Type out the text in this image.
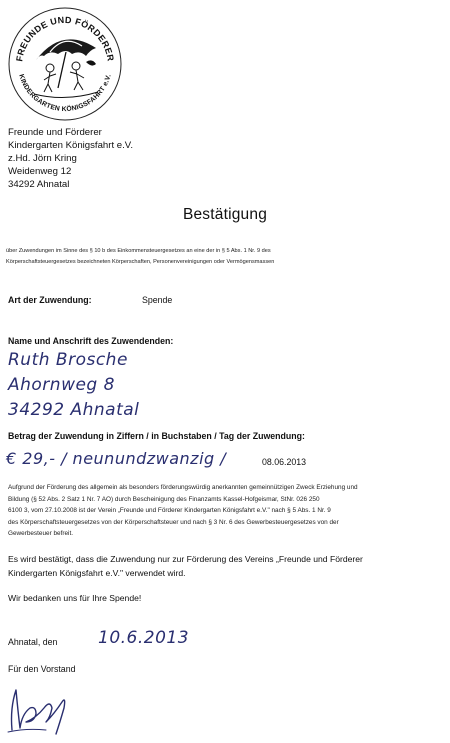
FREUNDE UND FÖRDERER
KINDERGARTEN KÖNIGSFAHRT e.V.
Freunde und Förderer
Kindergarten Königsfahrt e.V.
z.Hd. Jörn Kring
Weidenweg 12
34292 Ahnatal
Bestätigung
über Zuwendungen im Sinne des § 10 b des Einkommensteuergesetzes an eine der in § 5 Abs. 1 Nr. 9 des
Körperschaftsteuergesetzes bezeichneten Körperschaften, Personenvereinigungen oder Vermögensmassen
Art der Zuwendung:	Spende
Name und Anschrift des Zuwendenden:
Ruth Brosche
Ahornweg 8
34292 Ahnatal
Betrag der Zuwendung in Ziffern / in Buchstaben / Tag der Zuwendung:
€ 29,- / neunundzwanzig /	08.06.2013
Aufgrund der Förderung des allgemein als besonders förderungswürdig anerkannten gemeinnützigen Zweck Erziehung und
Bildung (§ 52 Abs. 2 Satz 1 Nr. 7 AO) durch Bescheinigung des Finanzamts Kassel-Hofgeismar, StNr. 026 250
6100 3, vom 27.10.2008 ist der Verein „Freunde und Förderer Kindergarten Königsfahrt e.V." nach § 5 Abs. 1 Nr. 9
des Körperschaftsteuergesetzes von der Körperschaftsteuer und nach § 3 Nr. 6 des Gewerbesteuergesetzes von der
Gewerbesteuer befreit.
Es wird bestätigt, dass die Zuwendung nur zur Förderung des Vereins „Freunde und Förderer
Kindergarten Königsfahrt e.V." verwendet wird.
Wir bedanken uns für Ihre Spende!
Ahnatal, den 10.6.2013
Für den Vorstand
